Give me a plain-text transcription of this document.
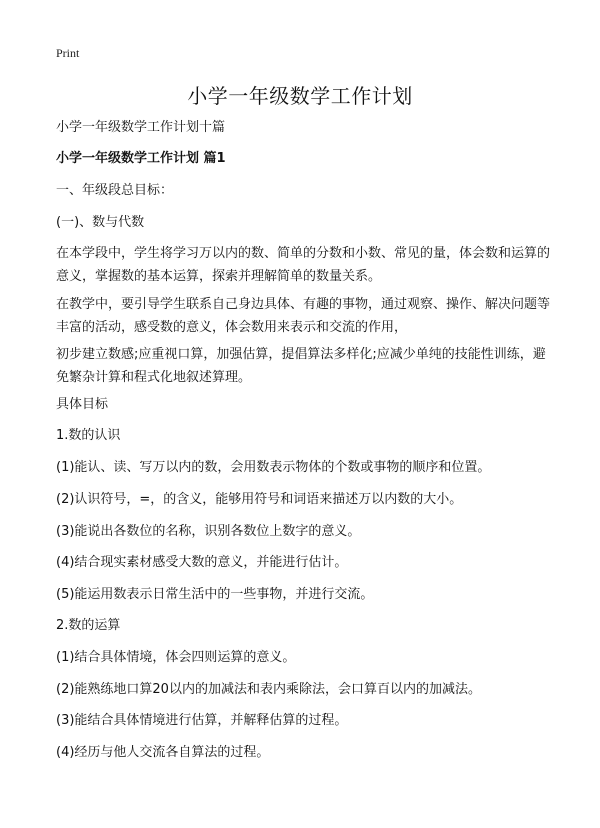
Print
小学一年级数学工作计划

小学一年级数学工作计划十篇

小学一年级数学工作计划 篇1

一、年级段总目标：

(一)、数与代数

在本学段中，学生将学习万以内的数、简单的分数和小数、常见的量，体会数和运算的意义，掌握数的基本运算，探索并理解简单的数量关系。

在教学中，要引导学生联系自己身边具体、有趣的事物，通过观察、操作、解决问题等丰富的活动，感受数的意义，体会数用来表示和交流的作用，

初步建立数感;应重视口算，加强估算，提倡算法多样化;应减少单纯的技能性训练，避免繁杂计算和程式化地叙述算理。

具体目标

1.数的认识

(1)能认、读、写万以内的数，会用数表示物体的个数或事物的顺序和位置。

(2)认识符号，=，的含义，能够用符号和词语来描述万以内数的大小。

(3)能说出各数位的名称，识别各数位上数字的意义。

(4)结合现实素材感受大数的意义，并能进行估计。

(5)能运用数表示日常生活中的一些事物，并进行交流。

2.数的运算

(1)结合具体情境，体会四则运算的意义。

(2)能熟练地口算20以内的加减法和表内乘除法，会口算百以内的加减法。

(3)能结合具体情境进行估算，并解释估算的过程。

(4)经历与他人交流各自算法的过程。
